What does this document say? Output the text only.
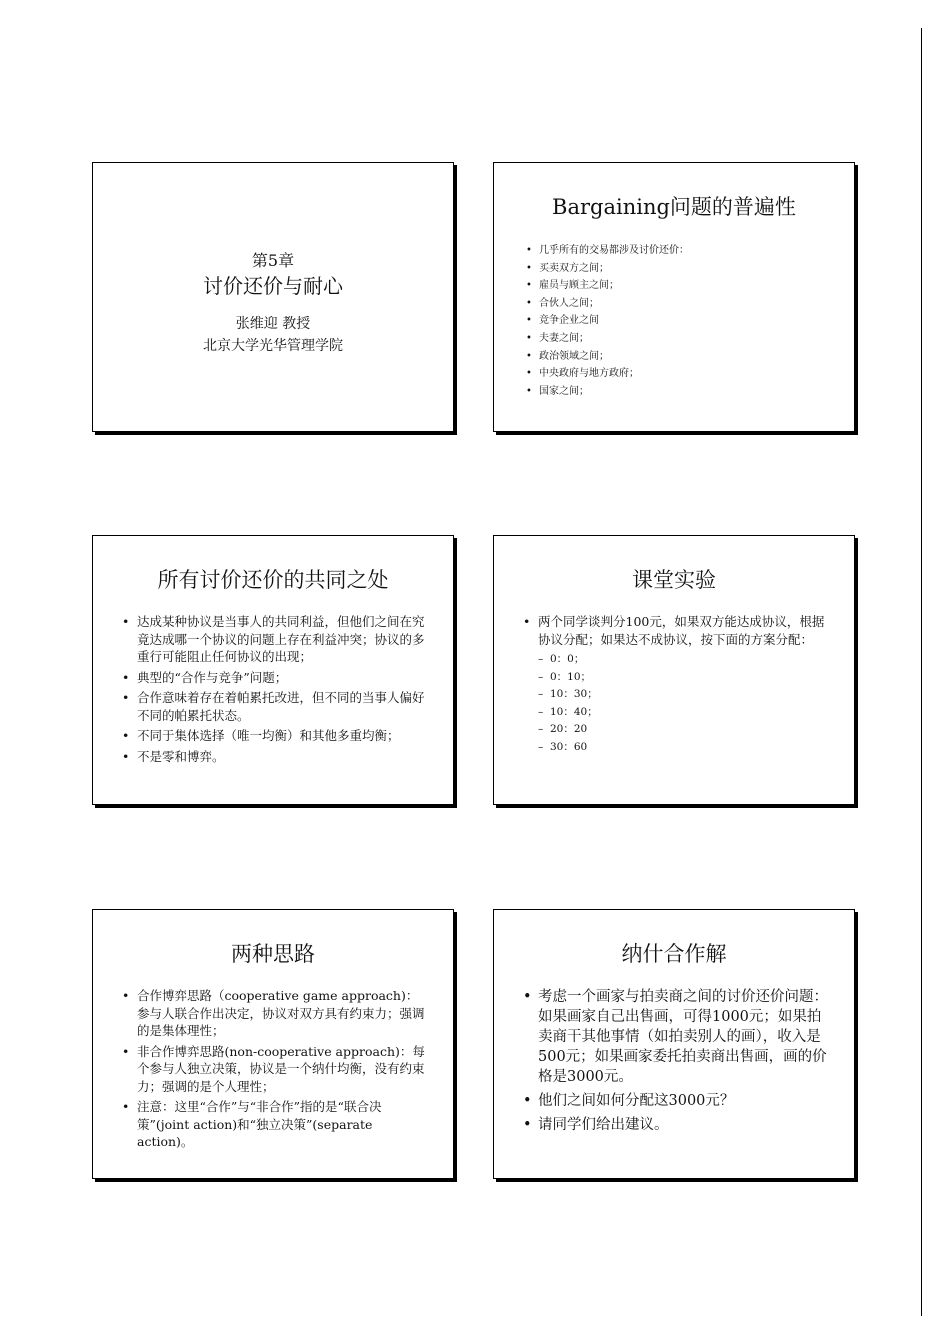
第5章
讨价还价与耐心
张维迎 教授
北京大学光华管理学院
Bargaining问题的普遍性
• 几乎所有的交易都涉及讨价还价：
• 买卖双方之间；
• 雇员与顾主之间；
• 合伙人之间；
• 竞争企业之间
• 夫妻之间；
• 政治领域之间；
• 中央政府与地方政府；
• 国家之间；
所有讨价还价的共同之处
• 达成某种协议是当事人的共同利益，但他们之间在究竟达成哪一个协议的问题上存在利益冲突；协议的多重行可能阻止任何协议的出现；
• 典型的“合作与竞争”问题；
• 合作意味着存在着帕累托改进，但不同的当事人偏好不同的帕累托状态。
• 不同于集体选择（唯一均衡）和其他多重均衡；
• 不是零和博弈。
课堂实验
• 两个同学谈判分100元，如果双方能达成协议，根据协议分配；如果达不成协议，按下面的方案分配：
– 0：0；
– 0：10；
– 10：30；
– 10：40；
– 20：20
– 30：60
两种思路
• 合作博弈思路（cooperative game approach)：参与人联合作出决定，协议对双方具有约束力；强调的是集体理性；
• 非合作博弈思路(non-cooperative approach)：每个参与人独立决策，协议是一个纳什均衡，没有约束力；强调的是个人理性；
• 注意：这里“合作”与“非合作”指的是“联合决策”(joint action)和“独立决策”(separate action)。
纳什合作解
• 考虑一个画家与拍卖商之间的讨价还价问题：如果画家自己出售画，可得1000元；如果拍卖商干其他事情（如拍卖别人的画），收入是500元；如果画家委托拍卖商出售画，画的价格是3000元。
• 他们之间如何分配这3000元？
• 请同学们给出建议。
